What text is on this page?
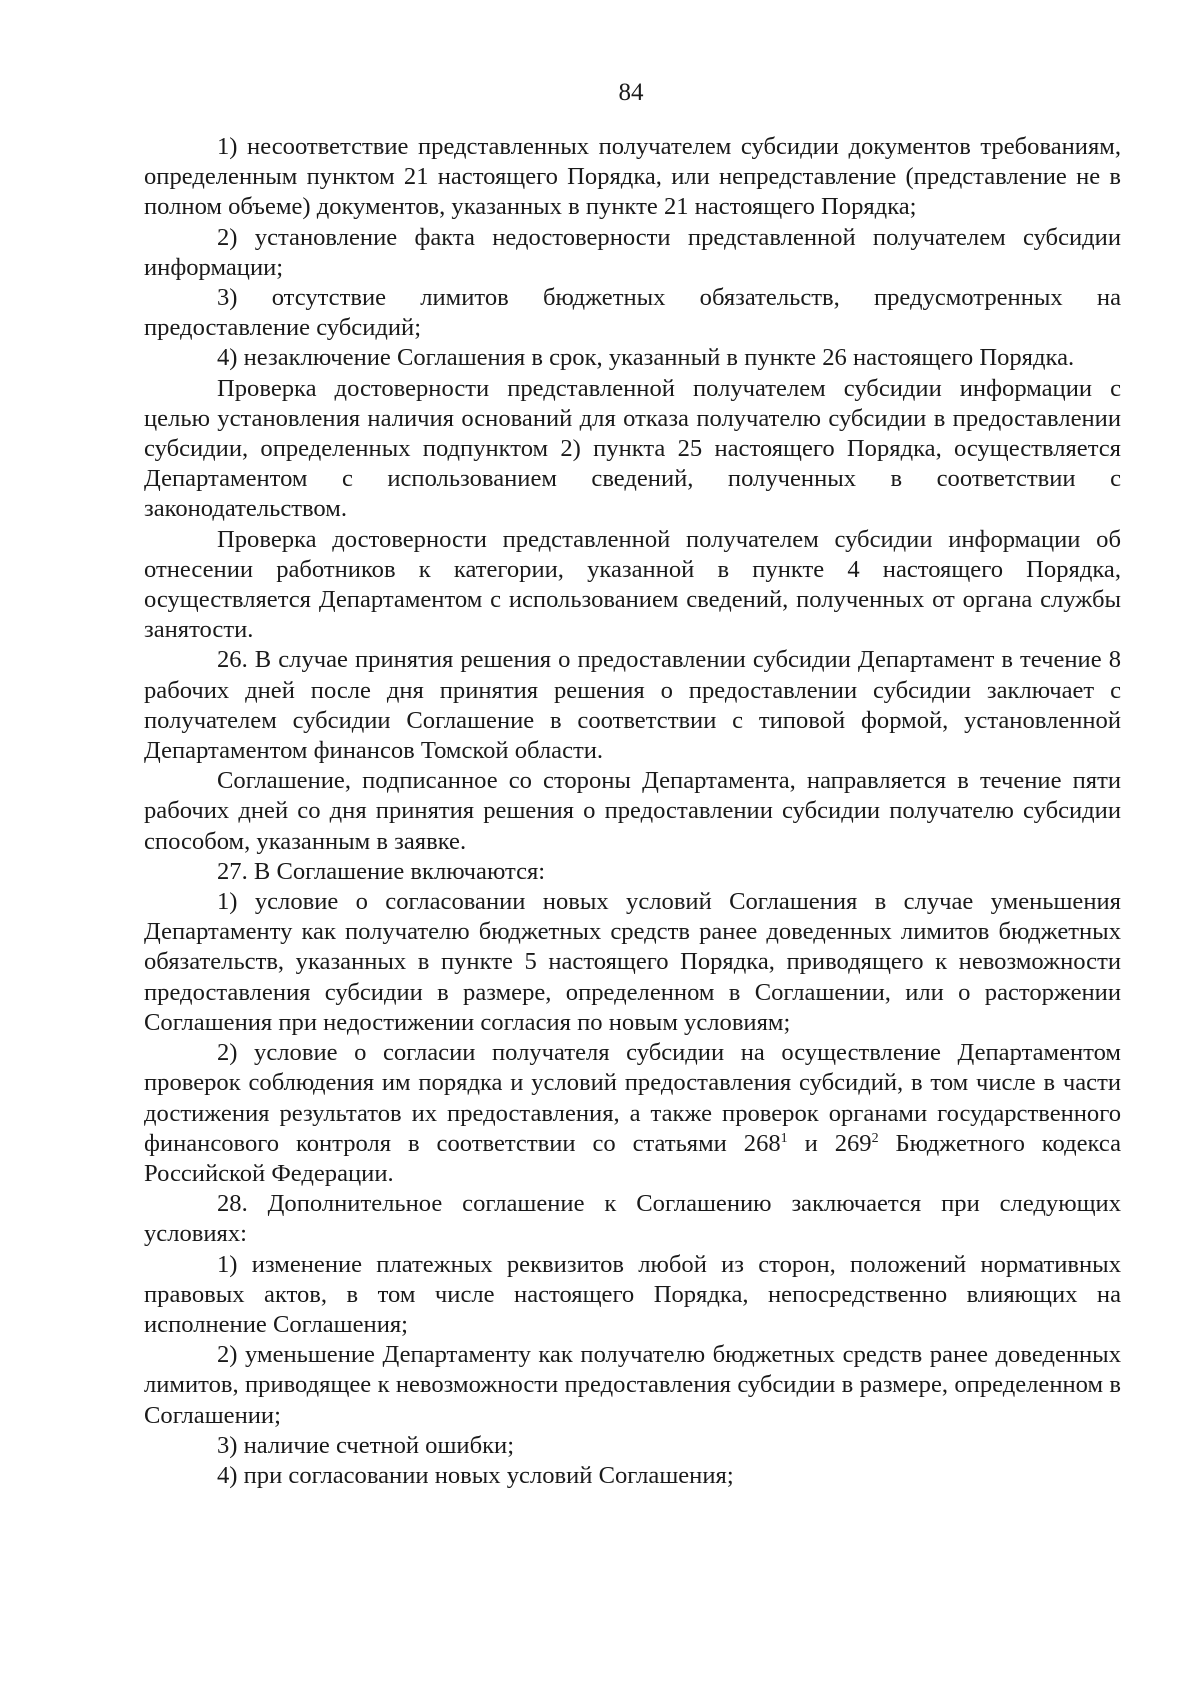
84

1) несоответствие представленных получателем субсидии документов требованиям, определенным пунктом 21 настоящего Порядка, или непредставление (представление не в полном объеме) документов, указанных в пункте 21 настоящего Порядка;

2) установление факта недостоверности представленной получателем субсидии информации;

3) отсутствие лимитов бюджетных обязательств, предусмотренных на предоставление субсидий;

4) незаключение Соглашения в срок, указанный в пункте 26 настоящего Порядка.

Проверка достоверности представленной получателем субсидии информации с целью установления наличия оснований для отказа получателю субсидии в предоставлении субсидии, определенных подпунктом 2) пункта 25 настоящего Порядка, осуществляется Департаментом с использованием сведений, полученных в соответствии с законодательством.

Проверка достоверности представленной получателем субсидии информации об отнесении работников к категории, указанной в пункте 4 настоящего Порядка, осуществляется Департаментом с использованием сведений, полученных от органа службы занятости.

26. В случае принятия решения о предоставлении субсидии Департамент в течение 8 рабочих дней после дня принятия решения о предоставлении субсидии заключает с получателем субсидии Соглашение в соответствии с типовой формой, установленной Департаментом финансов Томской области.

Соглашение, подписанное со стороны Департамента, направляется в течение пяти рабочих дней со дня принятия решения о предоставлении субсидии получателю субсидии способом, указанным в заявке.

27. В Соглашение включаются:

1) условие о согласовании новых условий Соглашения в случае уменьшения Департаменту как получателю бюджетных средств ранее доведенных лимитов бюджетных обязательств, указанных в пункте 5 настоящего Порядка, приводящего к невозможности предоставления субсидии в размере, определенном в Соглашении, или о расторжении Соглашения при недостижении согласия по новым условиям;

2) условие о согласии получателя субсидии на осуществление Департаментом проверок соблюдения им порядка и условий предоставления субсидий, в том числе в части достижения результатов их предоставления, а также проверок органами государственного финансового контроля в соответствии со статьями $268^1$ и $269^2$ Бюджетного кодекса Российской Федерации.

28. Дополнительное соглашение к Соглашению заключается при следующих условиях:

1) изменение платежных реквизитов любой из сторон, положений нормативных правовых актов, в том числе настоящего Порядка, непосредственно влияющих на исполнение Соглашения;

2) уменьшение Департаменту как получателю бюджетных средств ранее доведенных лимитов, приводящее к невозможности предоставления субсидии в размере, определенном в Соглашении;

3) наличие счетной ошибки;

4) при согласовании новых условий Соглашения;
